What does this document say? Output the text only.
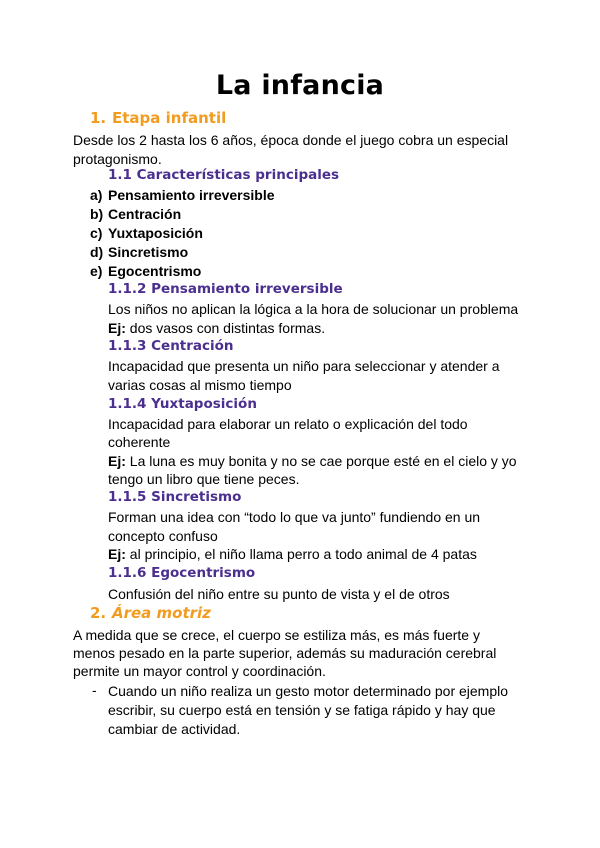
La infancia
1. Etapa infantil
Desde los 2 hasta los 6 años, época donde el juego cobra un especial protagonismo.
1.1 Características principales
a) Pensamiento irreversible
b) Centración
c) Yuxtaposición
d) Sincretismo
e) Egocentrismo
1.1.2 Pensamiento irreversible
Los niños no aplican la lógica a la hora de solucionar un problema
Ej: dos vasos con distintas formas.
1.1.3 Centración
Incapacidad que presenta un niño para seleccionar y atender a
varias cosas al mismo tiempo
1.1.4 Yuxtaposición
Incapacidad para elaborar un relato o explicación del todo
coherente
Ej: La luna es muy bonita y no se cae porque esté en el cielo y yo
tengo un libro que tiene peces.
1.1.5 Sincretismo
Forman una idea con “todo lo que va junto” fundiendo en un
concepto confuso
Ej: al principio, el niño llama perro a todo animal de 4 patas
1.1.6 Egocentrismo
Confusión del niño entre su punto de vista y el de otros
2. Área motriz
A medida que se crece, el cuerpo se estiliza más, es más fuerte y
menos pesado en la parte superior, además su maduración cerebral
permite un mayor control y coordinación.
- Cuando un niño realiza un gesto motor determinado por ejemplo
escribir, su cuerpo está en tensión y se fatiga rápido y hay que
cambiar de actividad.
